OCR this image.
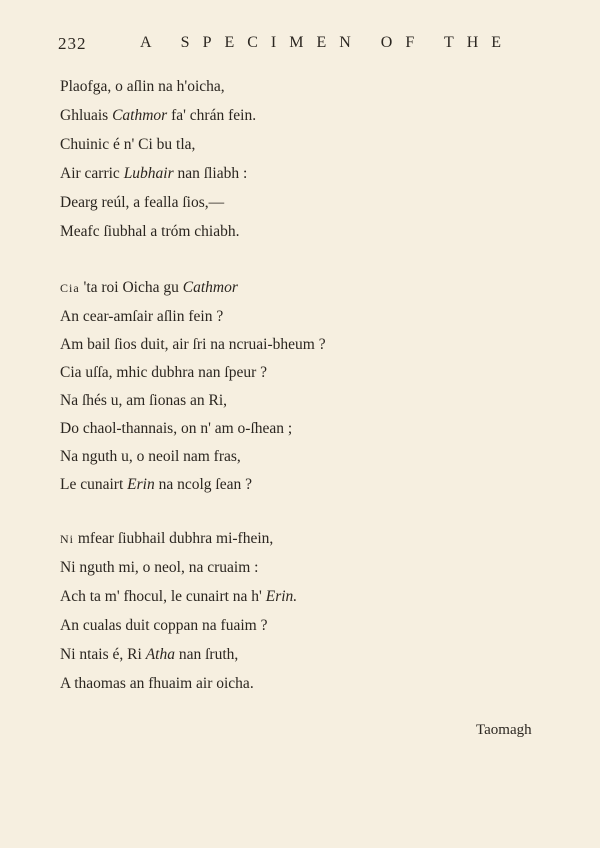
232	A SPECIMEN OF THE
Plaofga, o aſlin na h'oicha,
Ghluais Cathmor fa' chrán fein.
Chuinic é n' Ci bu tla,
Air carric Lubhair nan ſliabh :
Dearg reúl, a fealla ſios,—
Meafc ſiubhal a tróm chiabh.
Cia 'ta roi Oicha gu Cathmor
An cear-amſair aſlin fein ?
Am bail ſios duit, air ſri na ncruai-bheum ?
Cia uſſa, mhic dubhra nan ſpeur ?
Na ſhés u, am ſionas an Ri,
Do chaol-thannais, on n' am o-ſhean ;
Na nguth u, o neoil nam fras,
Le cunairt Erin na ncolg ſean ?
Ni mfear ſiubhail dubhra mi-fhein,
Ni nguth mi, o neol, na cruaim :
Ach ta m' fhocul, le cunairt na h' Erin.
An cualas duit coppan na fuaim ?
Ni ntais é, Ri Atha nan ſruth,
A thaomas an fhuaim air oicha.
Taomagh
